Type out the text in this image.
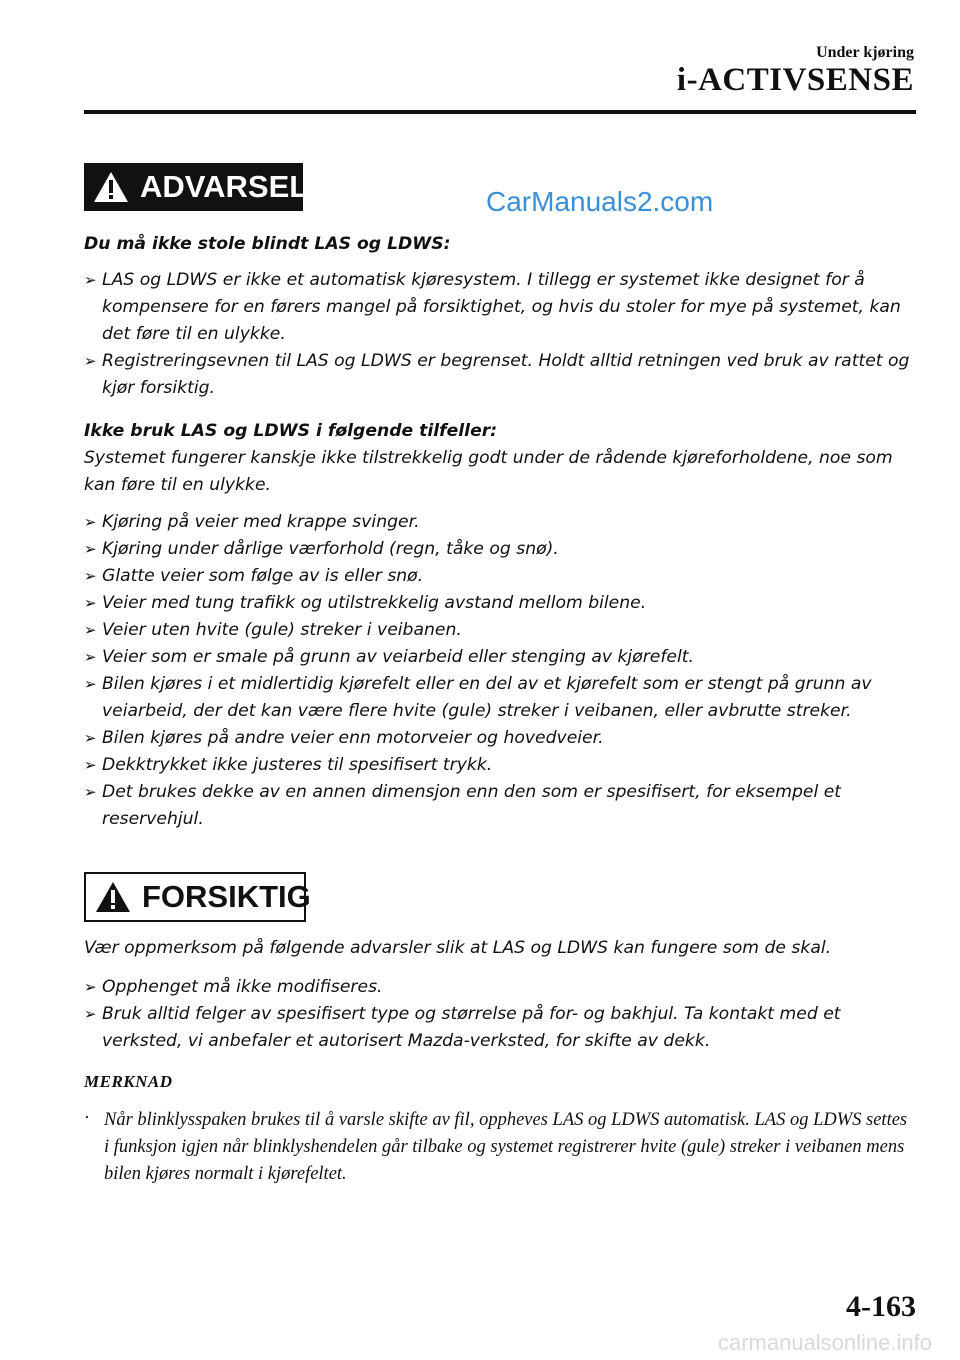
Under kjøring
i-ACTIVSENSE
ADVARSEL	CarManuals2.com

Du må ikke stole blindt LAS og LDWS:

➢ LAS og LDWS er ikke et automatisk kjøresystem. I tillegg er systemet ikke designet for å kompensere for en førers mangel på forsiktighet, og hvis du stoler for mye på systemet, kan det føre til en ulykke.
➢ Registreringsevnen til LAS og LDWS er begrenset. Holdt alltid retningen ved bruk av rattet og kjør forsiktig.

Ikke bruk LAS og LDWS i følgende tilfeller:

Systemet fungerer kanskje ikke tilstrekkelig godt under de rådende kjøreforholdene, noe som kan føre til en ulykke.

➢ Kjøring på veier med krappe svinger.
➢ Kjøring under dårlige værforhold (regn, tåke og snø).
➢ Glatte veier som følge av is eller snø.
➢ Veier med tung trafikk og utilstrekkelig avstand mellom bilene.
➢ Veier uten hvite (gule) streker i veibanen.
➢ Veier som er smale på grunn av veiarbeid eller stenging av kjørefelt.
➢ Bilen kjøres i et midlertidig kjørefelt eller en del av et kjørefelt som er stengt på grunn av veiarbeid, der det kan være flere hvite (gule) streker i veibanen, eller avbrutte streker.
➢ Bilen kjøres på andre veier enn motorveier og hovedveier.
➢ Dekktrykket ikke justeres til spesifisert trykk.
➢ Det brukes dekke av en annen dimensjon enn den som er spesifisert, for eksempel et reservehjul.
FORSIKTIG

Vær oppmerksom på følgende advarsler slik at LAS og LDWS kan fungere som de skal.

➢ Opphenget må ikke modifiseres.
➢ Bruk alltid felger av spesifisert type og størrelse på for- og bakhjul. Ta kontakt med et verksted, vi anbefaler et autorisert Mazda-verksted, for skifte av dekk.
MERKNAD
· Når blinklysspaken brukes til å varsle skifte av fil, oppheves LAS og LDWS automatisk. LAS og LDWS settes i funksjon igjen når blinklyshendelen går tilbake og systemet registrerer hvite (gule) streker i veibanen mens bilen kjøres normalt i kjørefeltet.
4-163
carmanualsonline.info
